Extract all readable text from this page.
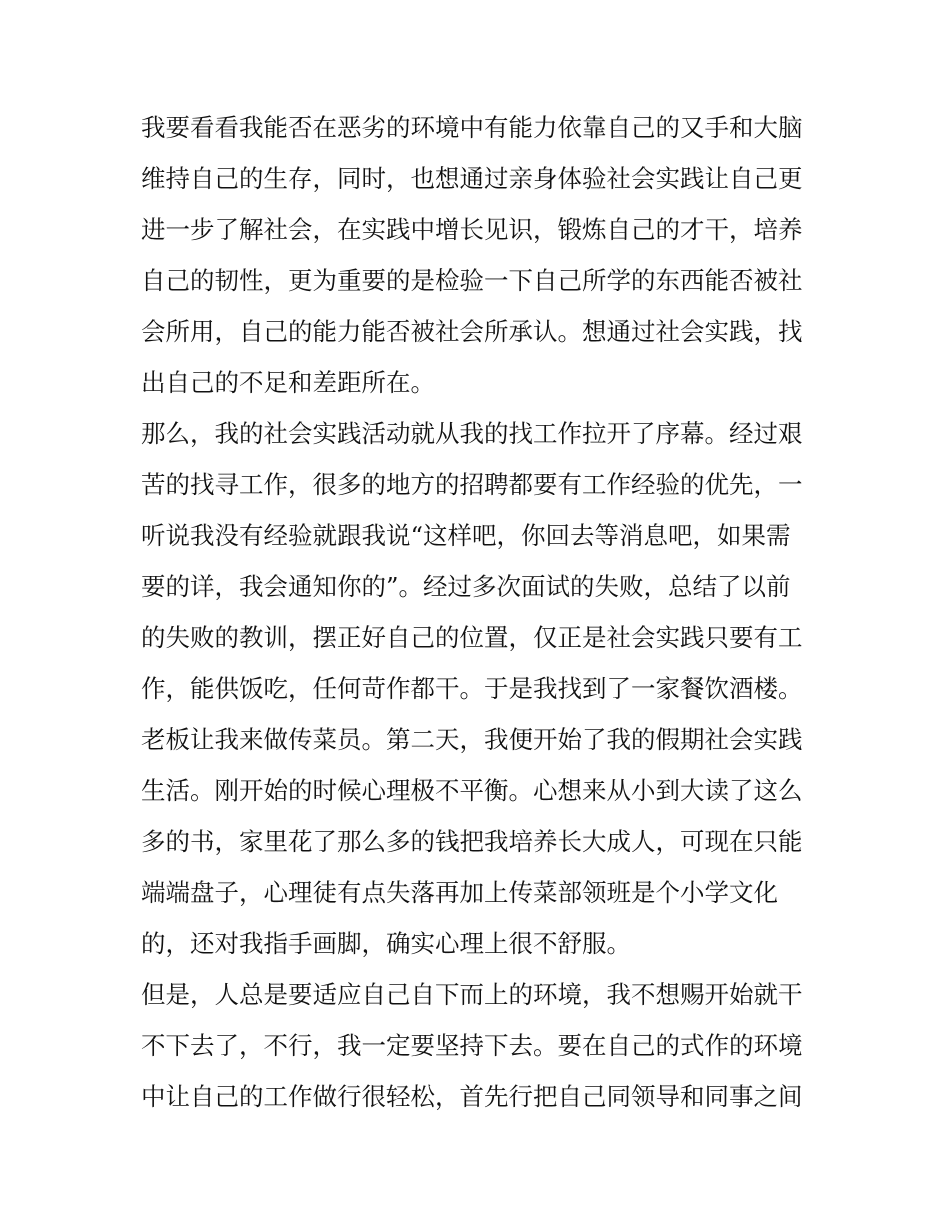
我要看看我能否在恶劣的环境中有能力依靠自己的又手和大脑
维持自己的生存，同时，也想通过亲身体验社会实践让自己更
进一步了解社会，在实践中增长见识，锻炼自己的才干，培养
自己的韧性，更为重要的是检验一下自己所学的东西能否被社
会所用，自己的能力能否被社会所承认。想通过社会实践，找
出自己的不足和差距所在。
那么，我的社会实践活动就从我的找工作拉开了序幕。经过艰
苦的找寻工作，很多的地方的招聘都要有工作经验的优先，一
听说我没有经验就跟我说“这样吧，你回去等消息吧，如果需
要的详，我会通知你的”。经过多次面试的失败，总结了以前
的失败的教训，摆正好自己的位置，仅正是社会实践只要有工
作，能供饭吃，任何苛作都干。于是我找到了一家餐饮酒楼。
老板让我来做传菜员。第二天，我便开始了我的假期社会实践
生活。刚开始的时候心理极不平衡。心想来从小到大读了这么
多的书，家里花了那么多的钱把我培养长大成人，可现在只能
端端盘子，心理徒有点失落再加上传菜部领班是个小学文化
的，还对我指手画脚，确实心理上很不舒服。
但是，人总是要适应自己自下而上的环境，我不想赐开始就干
不下去了，不行，我一定要坚持下去。要在自己的式作的环境
中让自己的工作做行很轻松，首先行把自己同领导和同事之间
